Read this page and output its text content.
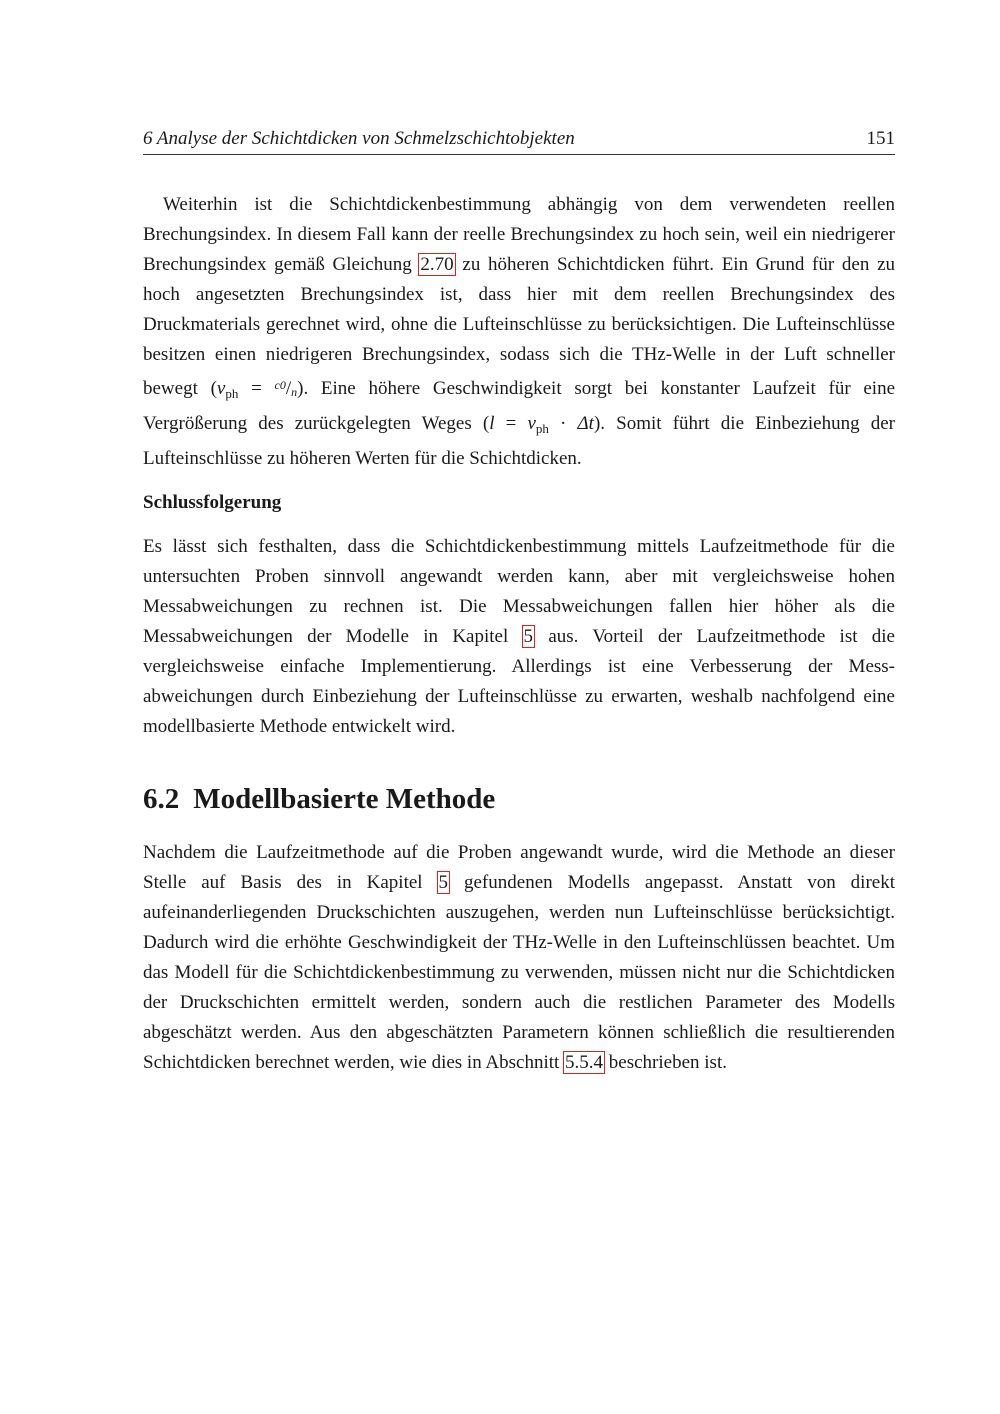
6 Analyse der Schichtdicken von Schmelzschichtobjekten	151

Weiterhin ist die Schichtdickenbestimmung abhängig von dem verwendeten reellen Brechungsindex. In diesem Fall kann der reelle Brechungsindex zu hoch sein, weil ein niedrigerer Brechungsindex gemäß Gleichung 2.70 zu höheren Schichtdicken führt. Ein Grund für den zu hoch angesetzten Brechungsindex ist, dass hier mit dem reellen Brechungsindex des Druckmaterials gerechnet wird, ohne die Lufteinschlüsse zu berücksichtigen. Die Lufteinschlüsse besitzen einen niedrigeren Brechungsindex, sodass sich die THz-Welle in der Luft schneller bewegt $(v_{ph} = ^{c0}/n)$. Eine höhere Geschwindigkeit sorgt bei konstanter Laufzeit für eine Vergrößerung des zurückgelegten Weges $(l = v_{ph} \cdot \Delta t)$. Somit führt die Einbeziehung der Lufteinschlüsse zu höheren Werten für die Schichtdicken.

Schlussfolgerung

Es lässt sich festhalten, dass die Schichtdickenbestimmung mittels Laufzeitmethode für die untersuchten Proben sinnvoll angewandt werden kann, aber mit vergleichsweise hohen Messabweichungen zu rechnen ist. Die Messabweichungen fallen hier höher als die Messabweichungen der Modelle in Kapitel 5 aus. Vorteil der Laufzeitmethode ist die vergleichsweise einfache Implementierung. Allerdings ist eine Verbesserung der Messabweichungen durch Einbeziehung der Lufteinschlüsse zu erwarten, weshalb nachfolgend eine modellbasierte Methode entwickelt wird.

6.2 Modellbasierte Methode

Nachdem die Laufzeitmethode auf die Proben angewandt wurde, wird die Methode an dieser Stelle auf Basis des in Kapitel 5 gefundenen Modells angepasst. Anstatt von direkt aufeinanderliegenden Druckschichten auszugehen, werden nun Lufteinschlüsse berücksichtigt. Dadurch wird die erhöhte Geschwindigkeit der THz-Welle in den Lufteinschlüssen beachtet. Um das Modell für die Schichtdickenbestimmung zu verwenden, müssen nicht nur die Schichtdicken der Druckschichten ermittelt werden, sondern auch die restlichen Parameter des Modells abgeschätzt werden. Aus den abgeschätzten Parametern können schließlich die resultierenden Schichtdicken berechnet werden, wie dies in Abschnitt 5.5.4 beschrieben ist.
